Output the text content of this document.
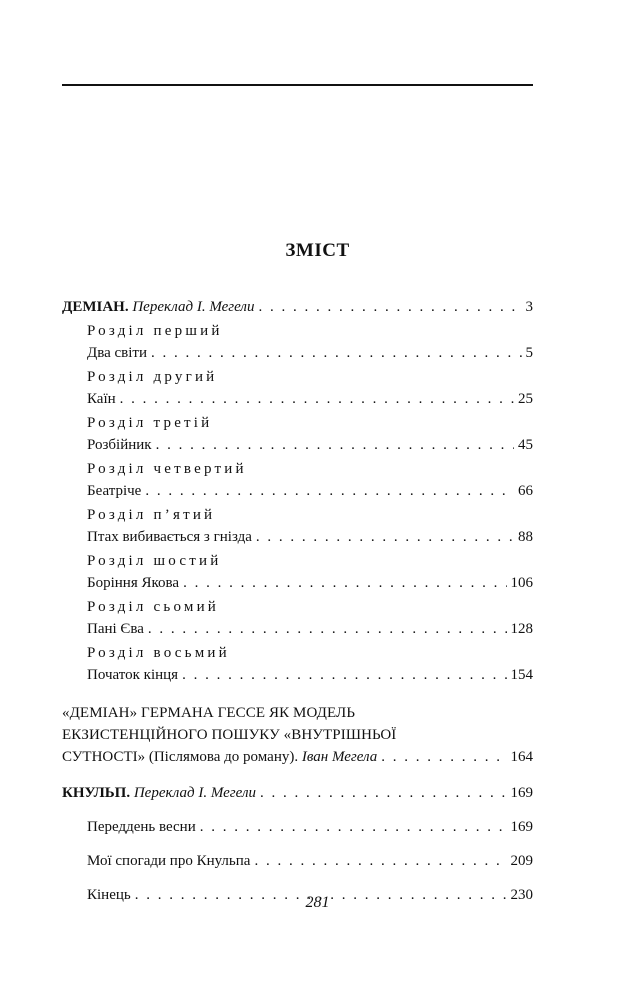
ЗМІСТ
ДЕМІАН. Переклад І. Мегели . . .	3
Розділ перший
Два світи . . .	5
Розділ другий
Каїн . . .	25
Розділ третій
Розбійник . . .	45
Розділ четвертий
Беатріче . . .	66
Розділ п’ятий
Птах вибивається з гнізда . . .	88
Розділ шостий
Боріння Якова . . .	106
Розділ сьомий
Пані Єва . . .	128
Розділ восьмий
Початок кінця . . .	154
«ДЕМІАН» ГЕРМАНА ГЕССЕ ЯК МОДЕЛЬ
ЕКЗИСТЕНЦІЙНОГО ПОШУКУ «ВНУТРІШНЬОЇ
СУТНОСТІ» (Післямова до роману). Іван Мегела . . .	164
КНУЛЬП. Переклад І. Мегели . . .	169
Переддень весни . . .	169
Мої спогади про Кнульпа . . .	209
Кінець . . .	230
281
